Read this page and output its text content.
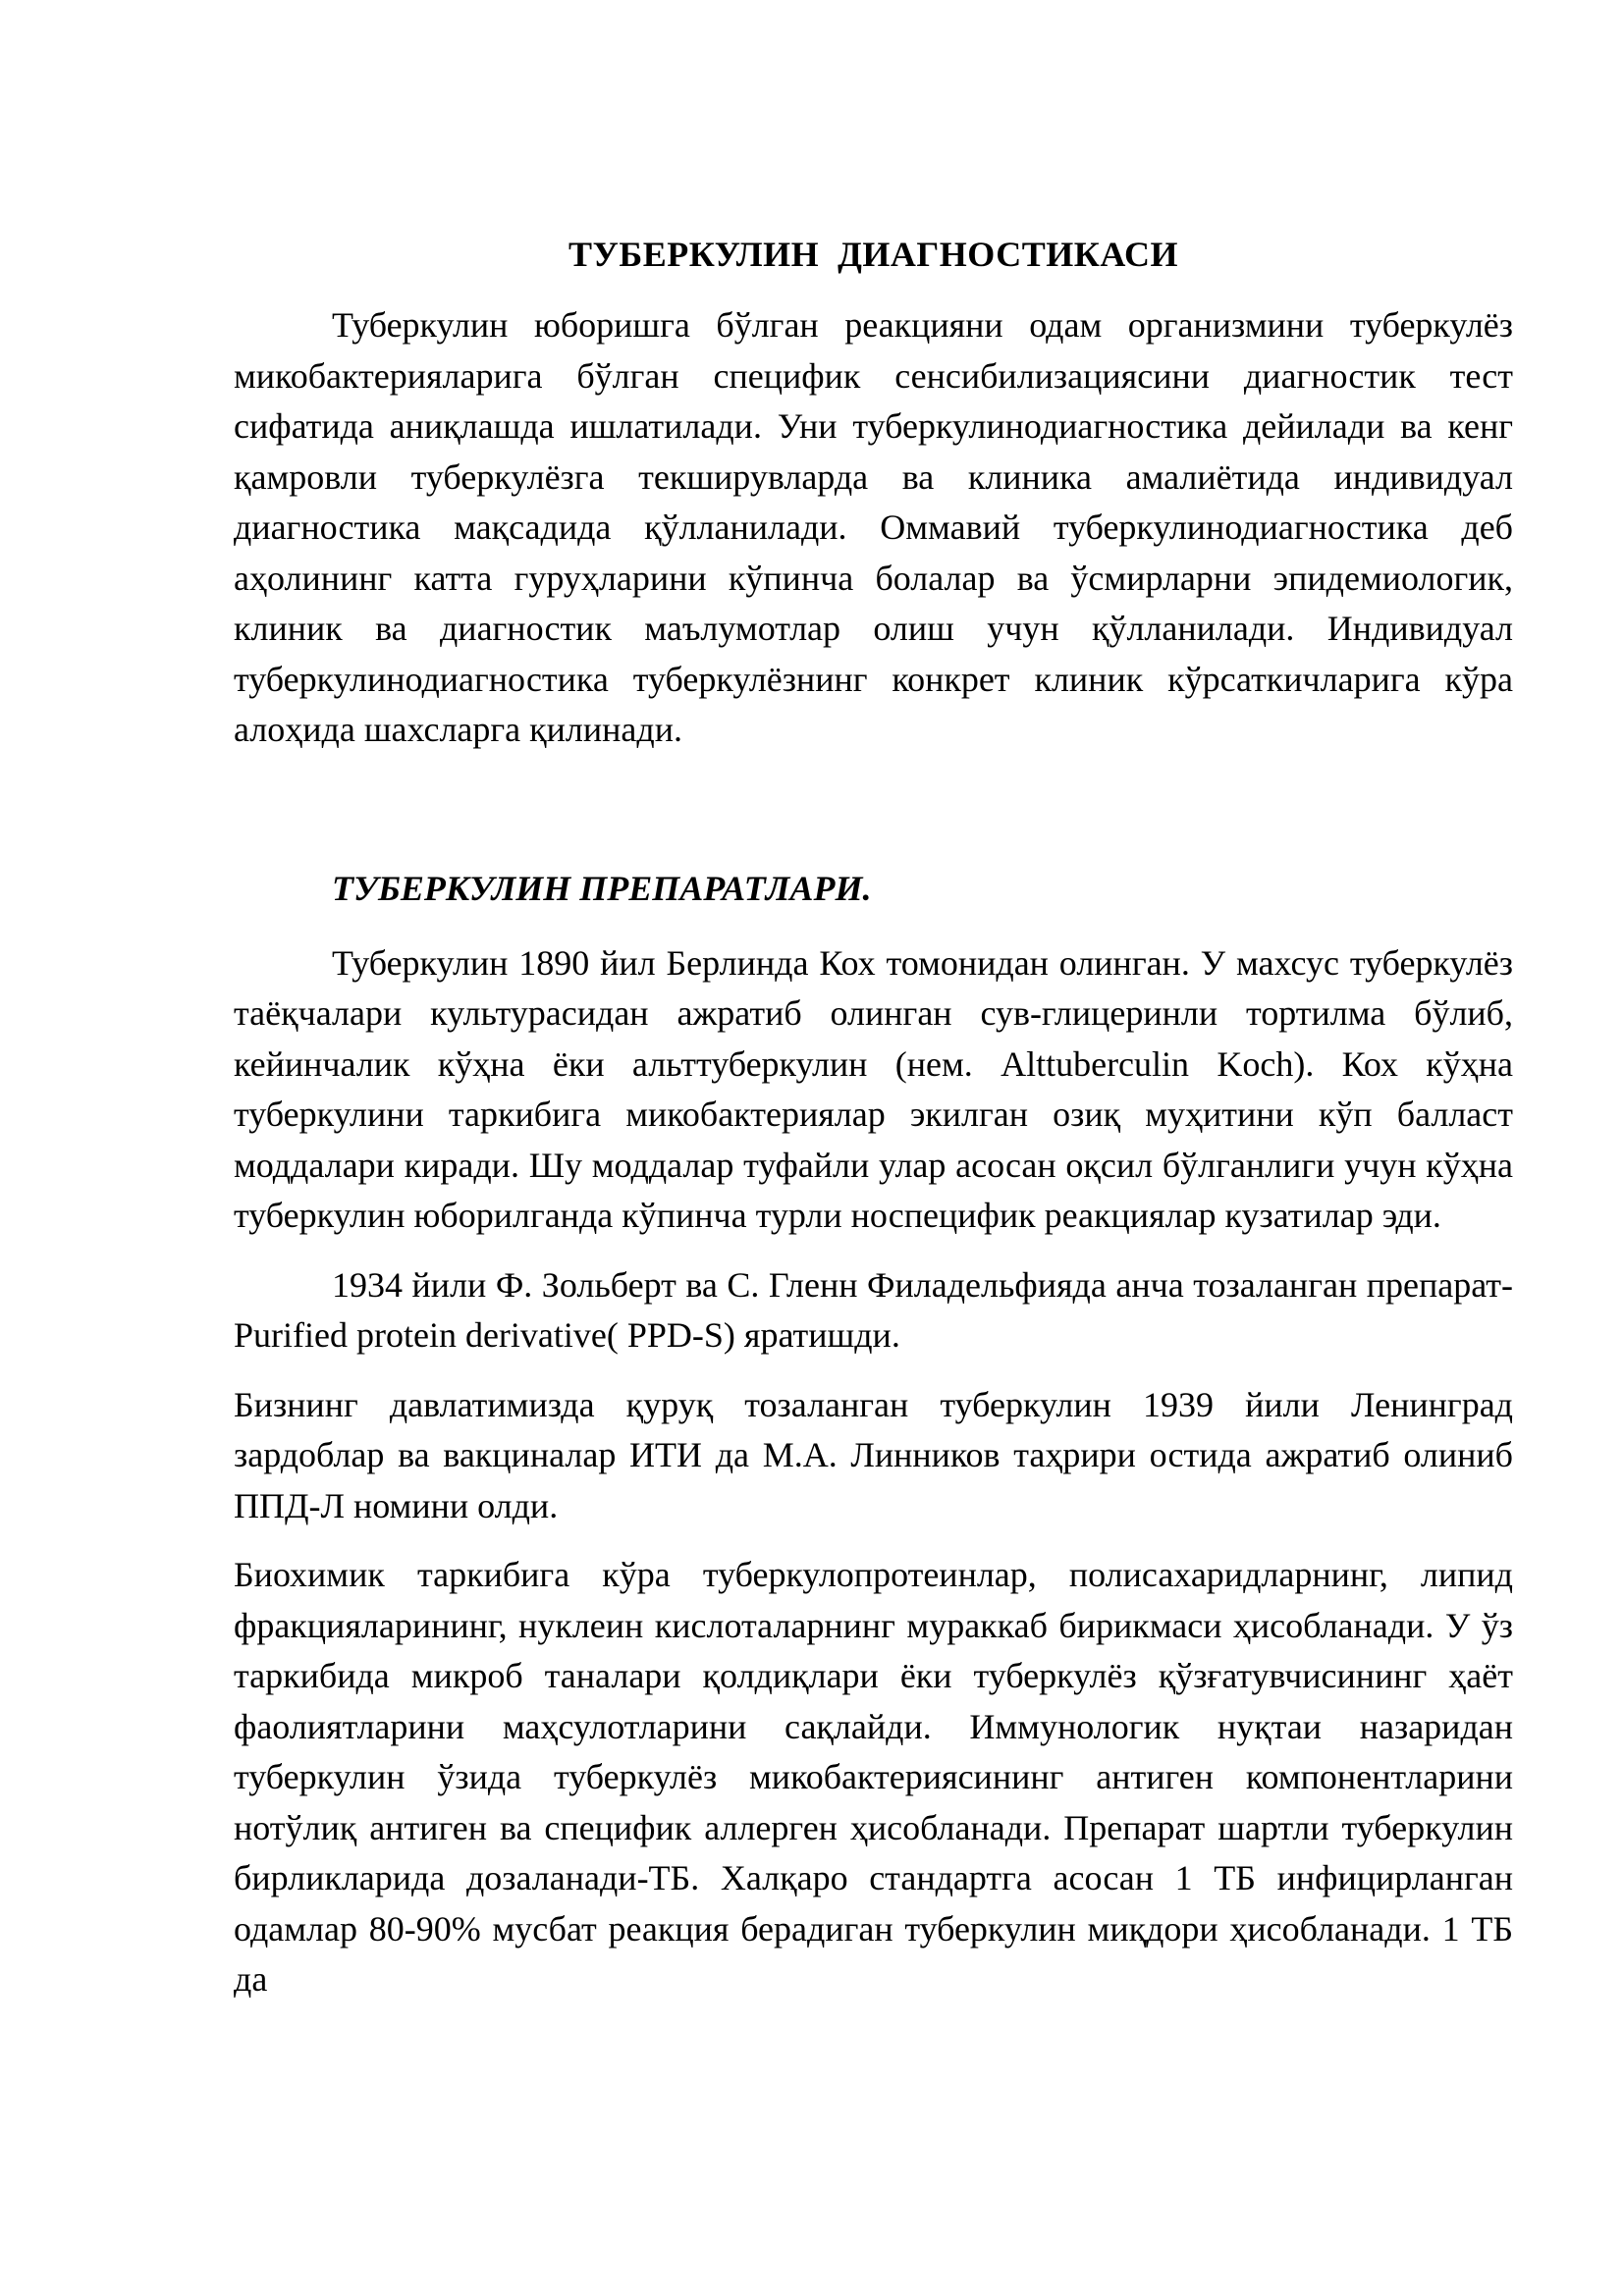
ТУБЕРКУЛИН  ДИАГНОСТИКАСИ

Туберкулин юборишга бўлган реакцияни одам организмини туберкулёз микобактерияларига бўлган специфик сенсибилизациясини диагностик тест сифатида аниқлашда ишлатилади. Уни туберкулинодиагностика дейилади ва кенг қамровли туберкулёзга текширувларда ва клиника амалиётида индивидуал диагностика мақсадида қўлланилади. Оммавий туберкулинодиагностика деб аҳолининг катта гуруҳларини кўпинча болалар ва ўсмирларни эпидемиологик, клиник ва диагностик маълумотлар олиш учун қўлланилади. Индивидуал туберкулинодиагностика туберкулёзнинг конкрет клиник кўрсаткичларига кўра алоҳида шахсларга қилинади.

ТУБЕРКУЛИН ПРЕПАРАТЛАРИ.

Туберкулин 1890 йил Берлинда Кох томонидан олинган. У махсус туберкулёз таёқчалари культурасидан ажратиб олинган сув-глицеринли тортилма бўлиб, кейинчалик кўҳна ёки альттуберкулин (нем. Alttuberculin Koch). Кох кўҳна туберкулини таркибига микобактериялар экилган озиқ муҳитини кўп балласт моддалари киради. Шу моддалар туфайли улар асосан оқсил бўлганлиги учун кўҳна туберкулин юборилганда кўпинча турли носпецифик реакциялар кузатилар эди.

1934 йили Ф. Зольберт ва С. Гленн Филадельфияда анча тозаланган препарат- Purified protein derivative( PPD-S) яратишди.

Бизнинг давлатимизда қуруқ тозаланган туберкулин 1939 йили Ленинград зардоблар ва вакциналар ИТИ да М.А. Линников таҳрири остида ажратиб олиниб ППД-Л номини олди.

Биохимик таркибига кўра туберкулопротеинлар, полисахаридларнинг, липид фракцияларининг, нуклеин кислоталарнинг мураккаб бирикмаси ҳисобланади. У ўз таркибида микроб таналари қолдиқлари ёки туберкулёз қўзғатувчисининг ҳаёт фаолиятларини маҳсулотларини сақлайди. Иммунологик нуқтаи назаридан туберкулин ўзида туберкулёз микобактериясининг антиген компонентларини нотўлиқ антиген ва специфик аллерген ҳисобланади. Препарат шартли туберкулин бирликларида дозаланади-ТБ. Халқаро стандартга асосан 1 ТБ инфицирланган одамлар 80-90% мусбат реакция берадиган туберкулин миқдори ҳисобланади. 1 ТБ да
